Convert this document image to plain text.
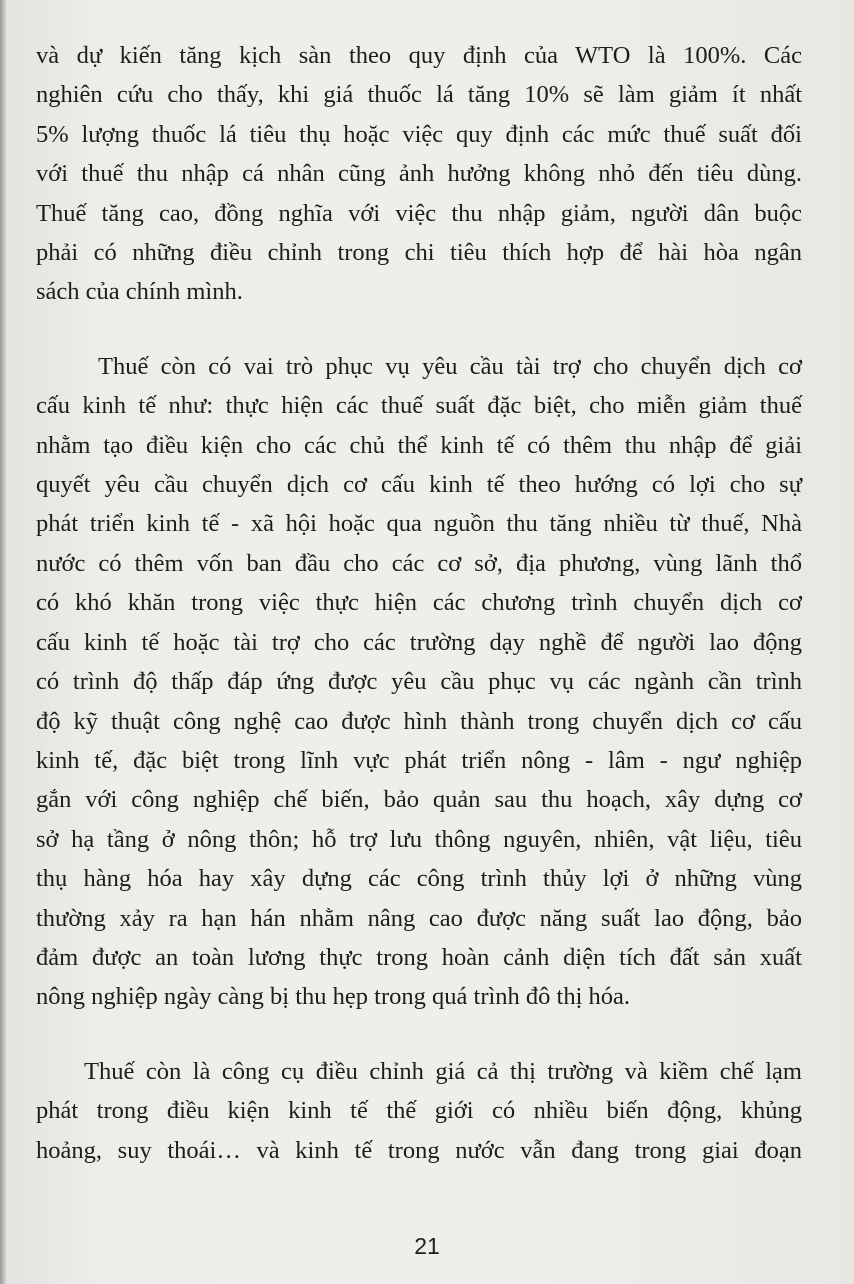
và dự kiến tăng kịch sàn theo quy định của WTO là 100%. Các
nghiên cứu cho thấy, khi giá thuốc lá tăng 10% sẽ làm giảm ít nhất
5% lượng thuốc lá tiêu thụ hoặc việc quy định các mức thuế suất đối
với thuế thu nhập cá nhân cũng ảnh hưởng không nhỏ đến tiêu dùng.
Thuế tăng cao, đồng nghĩa với việc thu nhập giảm, người dân buộc
phải có những điều chỉnh trong chi tiêu thích hợp để hài hòa ngân
sách của chính mình.
Thuế còn có vai trò phục vụ yêu cầu tài trợ cho chuyển dịch cơ
cấu kinh tế như: thực hiện các thuế suất đặc biệt, cho miễn giảm thuế
nhằm tạo điều kiện cho các chủ thể kinh tế có thêm thu nhập để giải
quyết yêu cầu chuyển dịch cơ cấu kinh tế theo hướng có lợi cho sự
phát triển kinh tế - xã hội hoặc qua nguồn thu tăng nhiều từ thuế, Nhà
nước có thêm vốn ban đầu cho các cơ sở, địa phương, vùng lãnh thổ
có khó khăn trong việc thực hiện các chương trình chuyển dịch cơ
cấu kinh tế hoặc tài trợ cho các trường dạy nghề để người lao động
có trình độ thấp đáp ứng được yêu cầu phục vụ các ngành cần trình
độ kỹ thuật công nghệ cao được hình thành trong chuyển dịch cơ cấu
kinh tế, đặc biệt trong lĩnh vực phát triển nông - lâm - ngư nghiệp
gắn với công nghiệp chế biến, bảo quản sau thu hoạch, xây dựng cơ
sở hạ tầng ở nông thôn; hỗ trợ lưu thông nguyên, nhiên, vật liệu, tiêu
thụ hàng hóa hay xây dựng các công trình thủy lợi ở những vùng
thường xảy ra hạn hán nhằm nâng cao được năng suất lao động, bảo
đảm được an toàn lương thực trong hoàn cảnh diện tích đất sản xuất
nông nghiệp ngày càng bị thu hẹp trong quá trình đô thị hóa.
Thuế còn là công cụ điều chỉnh giá cả thị trường và kiềm chế lạm
phát trong điều kiện kinh tế thế giới có nhiều biến động, khủng
hoảng, suy thoái… và kinh tế trong nước vẫn đang trong giai đoạn
21
